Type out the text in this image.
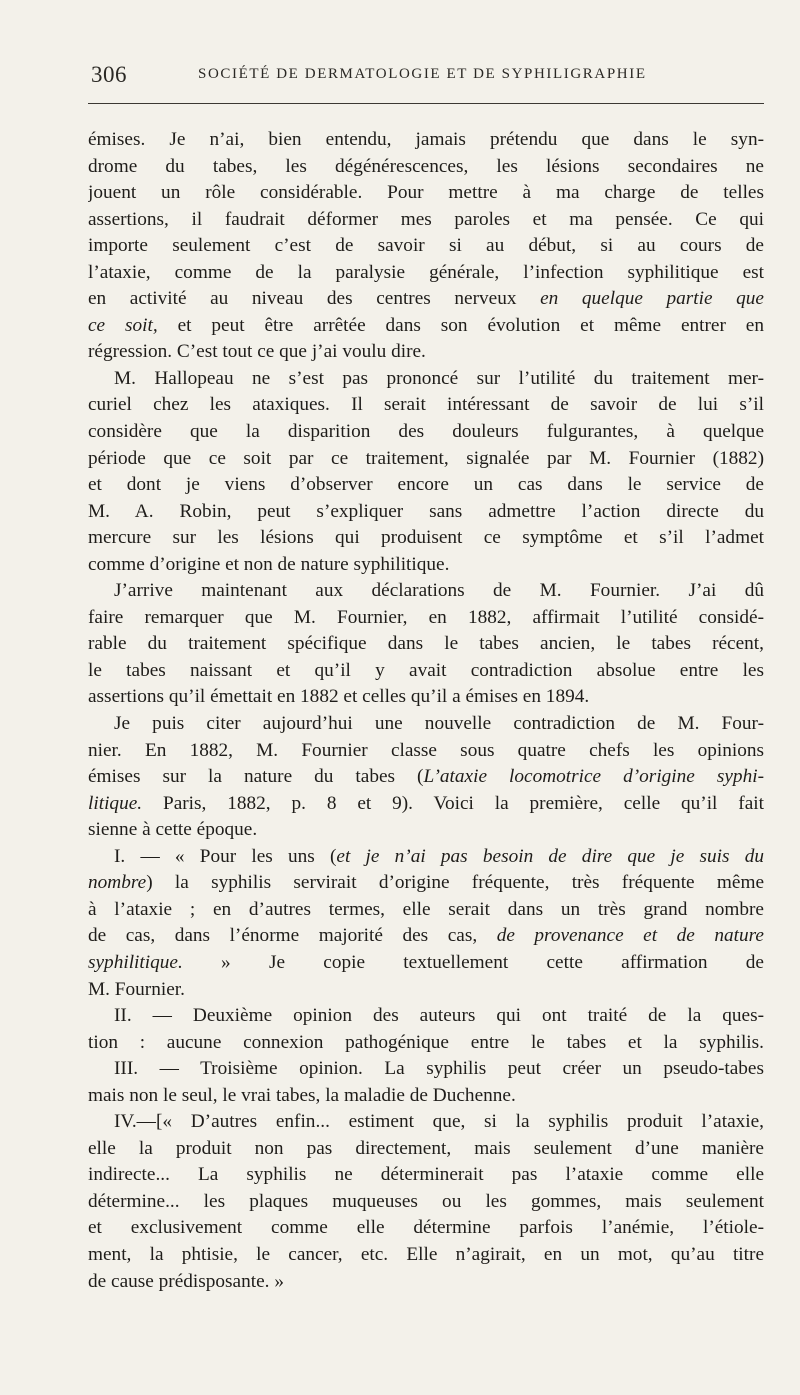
306	SOCIÉTÉ DE DERMATOLOGIE ET DE SYPHILIGRAPHIE
émises. Je n’ai, bien entendu, jamais prétendu que dans le syn-
drome du tabes, les dégénérescences, les lésions secondaires ne
jouent un rôle considérable. Pour mettre à ma charge de telles
assertions, il faudrait déformer mes paroles et ma pensée. Ce qui
importe seulement c’est de savoir si au début, si au cours de
l’ataxie, comme de la paralysie générale, l’infection syphilitique est
en activité au niveau des centres nerveux en quelque partie que
ce soit, et peut être arrêtée dans son évolution et même entrer en
régression. C’est tout ce que j’ai voulu dire.
M. Hallopeau ne s’est pas prononcé sur l’utilité du traitement mer-
curiel chez les ataxiques. Il serait intéressant de savoir de lui s’il
considère que la disparition des douleurs fulgurantes, à quelque
période que ce soit par ce traitement, signalée par M. Fournier (1882)
et dont je viens d’observer encore un cas dans le service de
M. A. Robin, peut s’expliquer sans admettre l’action directe du
mercure sur les lésions qui produisent ce symptôme et s’il l’admet
comme d’origine et non de nature syphilitique.
J’arrive maintenant aux déclarations de M. Fournier. J’ai dû
faire remarquer que M. Fournier, en 1882, affirmait l’utilité considé-
rable du traitement spécifique dans le tabes ancien, le tabes récent,
le tabes naissant et qu’il y avait contradiction absolue entre les
assertions qu’il émettait en 1882 et celles qu’il a émises en 1894.
Je puis citer aujourd’hui une nouvelle contradiction de M. Four-
nier. En 1882, M. Fournier classe sous quatre chefs les opinions
émises sur la nature du tabes (L’ataxie locomotrice d’origine syphi-
litique. Paris, 1882, p. 8 et 9). Voici la première, celle qu’il fait
sienne à cette époque.
I. — « Pour les uns (et je n’ai pas besoin de dire que je suis du
nombre) la syphilis servirait d’origine fréquente, très fréquente même
à l’ataxie ; en d’autres termes, elle serait dans un très grand nombre
de cas, dans l’énorme majorité des cas, de provenance et de nature
syphilitique. » Je copie textuellement cette affirmation de
M. Fournier.
II. — Deuxième opinion des auteurs qui ont traité de la ques-
tion : aucune connexion pathogénique entre le tabes et la syphilis.
III. — Troisième opinion. La syphilis peut créer un pseudo-tabes
mais non le seul, le vrai tabes, la maladie de Duchenne.
IV.—[« D’autres enfin... estiment que, si la syphilis produit l’ataxie,
elle la produit non pas directement, mais seulement d’une manière
indirecte... La syphilis ne déterminerait pas l’ataxie comme elle
détermine... les plaques muqueuses ou les gommes, mais seulement
et exclusivement comme elle détermine parfois l’anémie, l’étiole-
ment, la phtisie, le cancer, etc. Elle n’agirait, en un mot, qu’au titre
de cause prédisposante. »
